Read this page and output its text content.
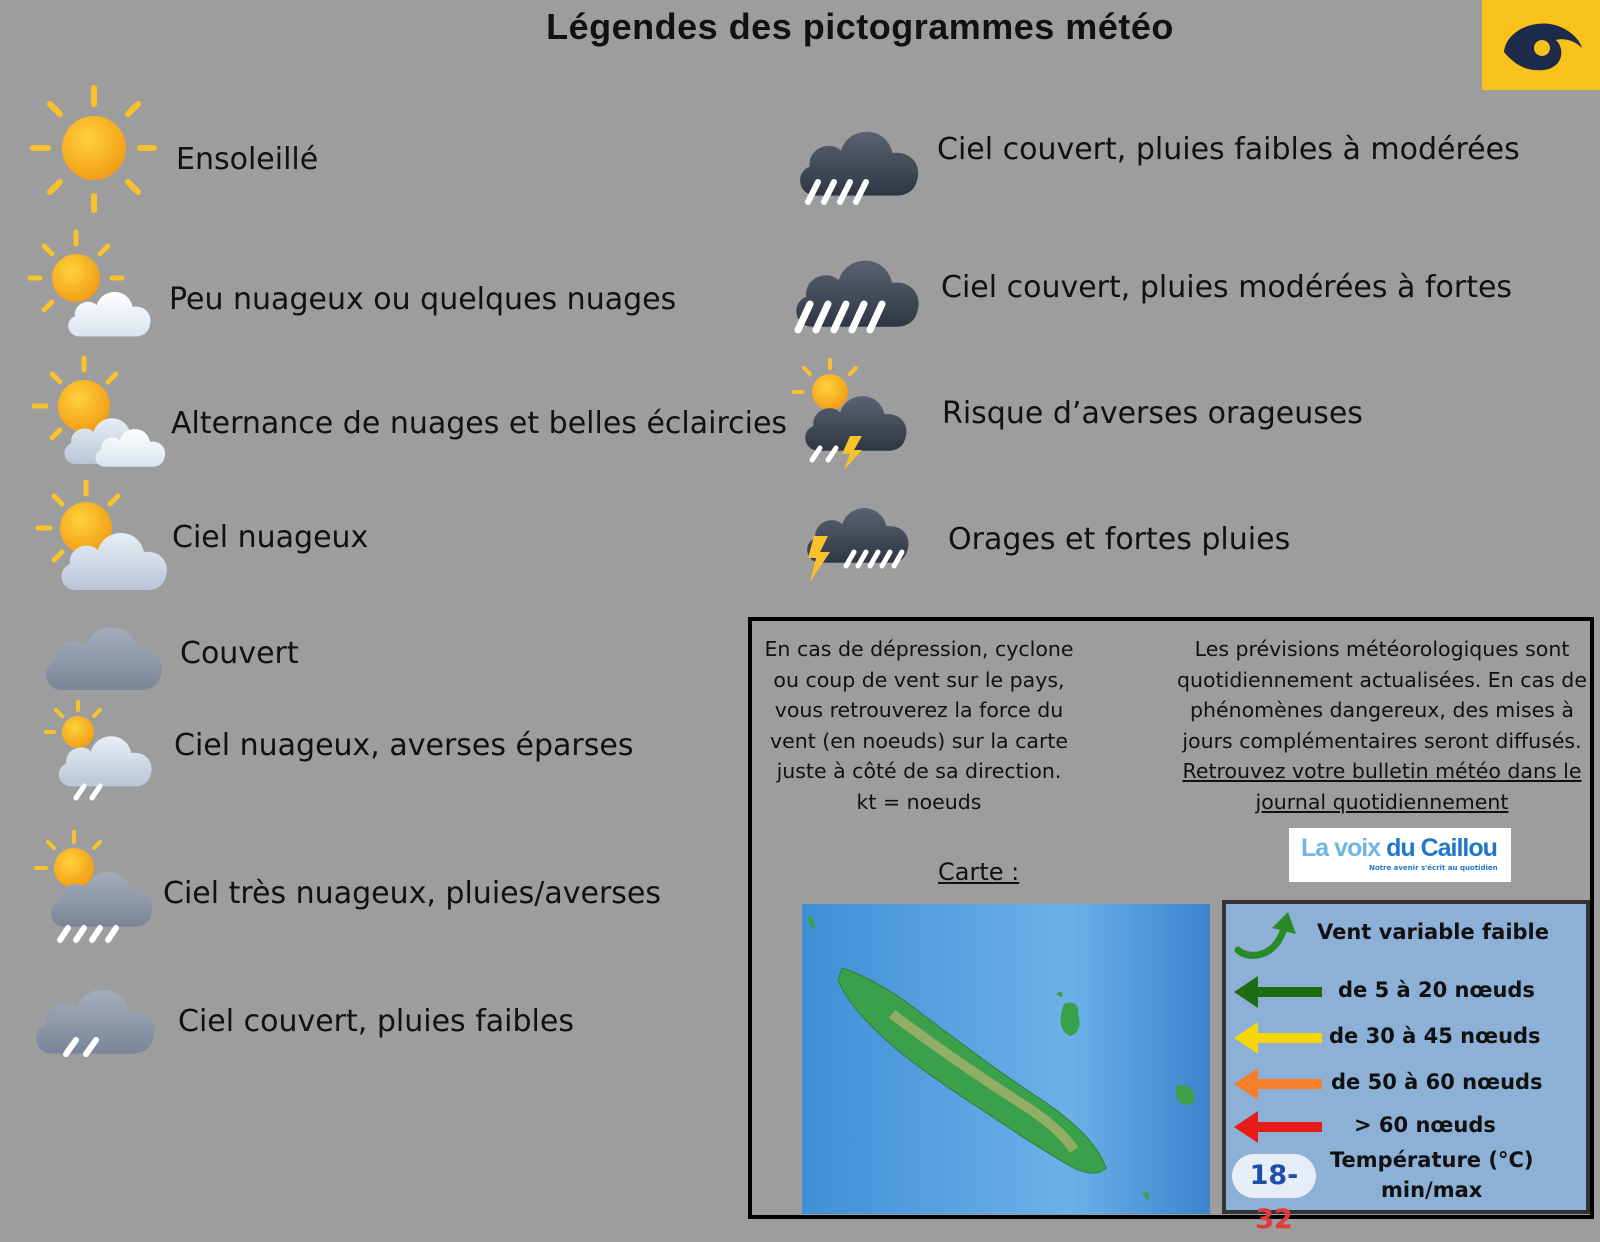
Légendes des pictogrammes météo
Ensoleillé
Peu nuageux ou quelques nuages
Alternance de nuages et belles éclaircies
Ciel nuageux
Couvert
Ciel nuageux, averses éparses
Ciel très nuageux, pluies/averses
Ciel couvert, pluies faibles
Ciel couvert, pluies faibles à modérées
Ciel couvert, pluies modérées à fortes
Risque d’averses orageuses
Orages et fortes pluies
En cas de dépression, cyclone
ou coup de vent sur le pays,
vous retrouverez la force du
vent (en noeuds) sur la carte
juste à côté de sa direction.
kt = noeuds
Les prévisions météorologiques sont
quotidiennement actualisées. En cas de
phénomènes dangereux, des mises à
jours complémentaires seront diffusés.
Retrouvez votre bulletin météo dans le
journal quotidiennement
La voix du Caillou
Notre avenir s'écrit au quotidien
Carte :
Vent variable faible
de 5 à 20 nœuds
de 30 à 45 nœuds
de 50 à 60 nœuds
> 60 nœuds
18-32
Température (°C)
min/max
